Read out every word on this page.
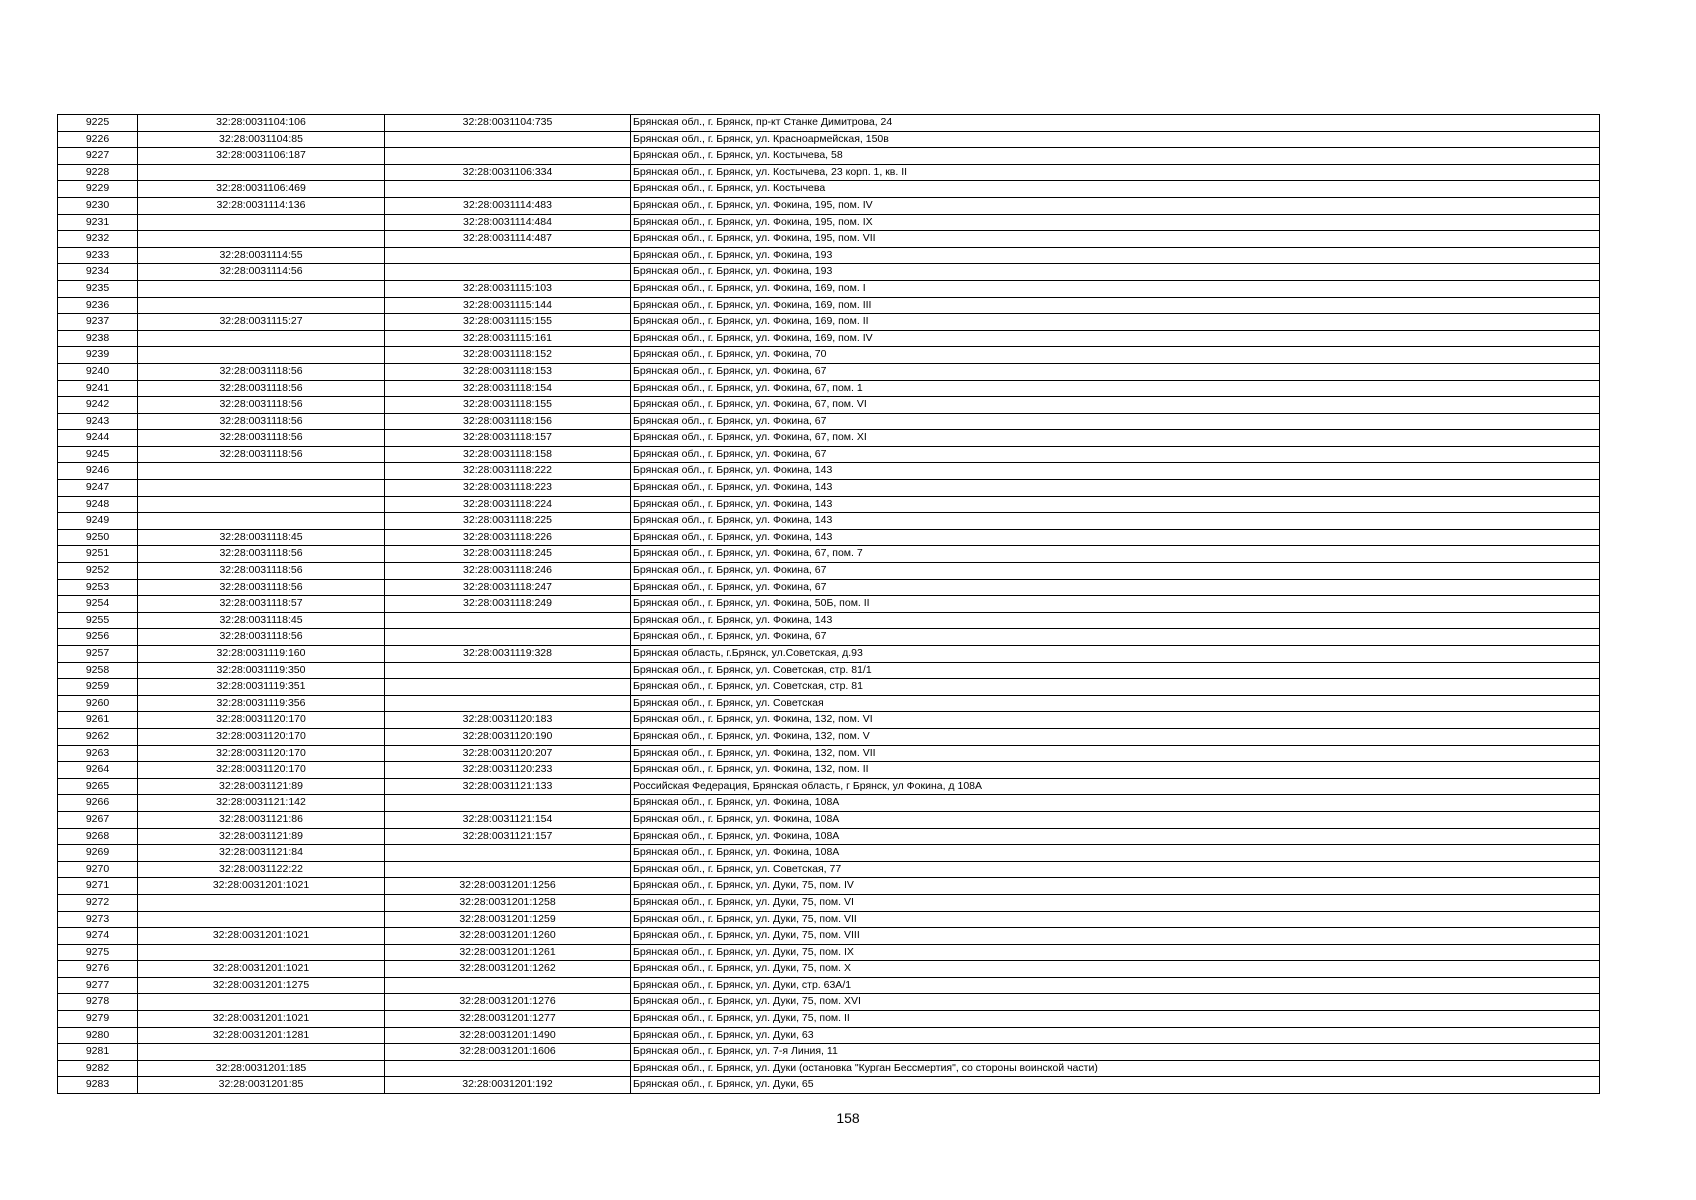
9225	32:28:0031104:106	32:28:0031104:735	Брянская обл., г. Брянск, пр-кт Станке Димитрова, 24
9226	32:28:0031104:85		Брянская обл., г. Брянск, ул. Красноармейская, 150в
9227	32:28:0031106:187		Брянская обл., г. Брянск, ул. Костычева, 58
9228		32:28:0031106:334	Брянская обл., г. Брянск, ул. Костычева, 23 корп. 1, кв. II
9229	32:28:0031106:469		Брянская обл., г. Брянск, ул. Костычева
9230	32:28:0031114:136	32:28:0031114:483	Брянская обл., г. Брянск, ул. Фокина, 195, пом. IV
9231		32:28:0031114:484	Брянская обл., г. Брянск, ул. Фокина, 195, пом. IX
9232		32:28:0031114:487	Брянская обл., г. Брянск, ул. Фокина, 195, пом. VII
9233	32:28:0031114:55		Брянская обл., г. Брянск, ул. Фокина, 193
9234	32:28:0031114:56		Брянская обл., г. Брянск, ул. Фокина, 193
9235		32:28:0031115:103	Брянская обл., г. Брянск, ул. Фокина, 169, пом. I
9236		32:28:0031115:144	Брянская обл., г. Брянск, ул. Фокина, 169, пом. III
9237	32:28:0031115:27	32:28:0031115:155	Брянская обл., г. Брянск, ул. Фокина, 169, пом. II
9238		32:28:0031115:161	Брянская обл., г. Брянск, ул. Фокина, 169, пом. IV
9239		32:28:0031118:152	Брянская обл., г. Брянск, ул. Фокина, 70
9240	32:28:0031118:56	32:28:0031118:153	Брянская обл., г. Брянск, ул. Фокина, 67
9241	32:28:0031118:56	32:28:0031118:154	Брянская обл., г. Брянск, ул. Фокина, 67, пом. 1
9242	32:28:0031118:56	32:28:0031118:155	Брянская обл., г. Брянск, ул. Фокина, 67, пом. VI
9243	32:28:0031118:56	32:28:0031118:156	Брянская обл., г. Брянск, ул. Фокина, 67
9244	32:28:0031118:56	32:28:0031118:157	Брянская обл., г. Брянск, ул. Фокина, 67, пом. XI
9245	32:28:0031118:56	32:28:0031118:158	Брянская обл., г. Брянск, ул. Фокина, 67
9246		32:28:0031118:222	Брянская обл., г. Брянск, ул. Фокина, 143
9247		32:28:0031118:223	Брянская обл., г. Брянск, ул. Фокина, 143
9248		32:28:0031118:224	Брянская обл., г. Брянск, ул. Фокина, 143
9249		32:28:0031118:225	Брянская обл., г. Брянск, ул. Фокина, 143
9250	32:28:0031118:45	32:28:0031118:226	Брянская обл., г. Брянск, ул. Фокина, 143
9251	32:28:0031118:56	32:28:0031118:245	Брянская обл., г. Брянск, ул. Фокина, 67, пом. 7
9252	32:28:0031118:56	32:28:0031118:246	Брянская обл., г. Брянск, ул. Фокина, 67
9253	32:28:0031118:56	32:28:0031118:247	Брянская обл., г. Брянск, ул. Фокина, 67
9254	32:28:0031118:57	32:28:0031118:249	Брянская обл., г. Брянск, ул. Фокина, 50Б, пом. II
9255	32:28:0031118:45		Брянская обл., г. Брянск, ул. Фокина, 143
9256	32:28:0031118:56		Брянская обл., г. Брянск, ул. Фокина, 67
9257	32:28:0031119:160	32:28:0031119:328	Брянская область, г.Брянск, ул.Советская, д.93
9258	32:28:0031119:350		Брянская обл., г. Брянск, ул. Советская, стр. 81/1
9259	32:28:0031119:351		Брянская обл., г. Брянск, ул. Советская, стр. 81
9260	32:28:0031119:356		Брянская обл., г. Брянск, ул. Советская
9261	32:28:0031120:170	32:28:0031120:183	Брянская обл., г. Брянск, ул. Фокина, 132, пом. VI
9262	32:28:0031120:170	32:28:0031120:190	Брянская обл., г. Брянск, ул. Фокина, 132, пом. V
9263	32:28:0031120:170	32:28:0031120:207	Брянская обл., г. Брянск, ул. Фокина, 132, пом. VII
9264	32:28:0031120:170	32:28:0031120:233	Брянская обл., г. Брянск, ул. Фокина, 132, пом. II
9265	32:28:0031121:89	32:28:0031121:133	Российская Федерация, Брянская область, г Брянск, ул Фокина, д 108А
9266	32:28:0031121:142		Брянская обл., г. Брянск, ул. Фокина, 108А
9267	32:28:0031121:86	32:28:0031121:154	Брянская обл., г. Брянск, ул. Фокина, 108А
9268	32:28:0031121:89	32:28:0031121:157	Брянская обл., г. Брянск, ул. Фокина, 108А
9269	32:28:0031121:84		Брянская обл., г. Брянск, ул. Фокина, 108А
9270	32:28:0031122:22		Брянская обл., г. Брянск, ул. Советская, 77
9271	32:28:0031201:1021	32:28:0031201:1256	Брянская обл., г. Брянск, ул. Дуки, 75, пом. IV
9272		32:28:0031201:1258	Брянская обл., г. Брянск, ул. Дуки, 75, пом. VI
9273		32:28:0031201:1259	Брянская обл., г. Брянск, ул. Дуки, 75, пом. VII
9274	32:28:0031201:1021	32:28:0031201:1260	Брянская обл., г. Брянск, ул. Дуки, 75, пом. VIII
9275		32:28:0031201:1261	Брянская обл., г. Брянск, ул. Дуки, 75, пом. IX
9276	32:28:0031201:1021	32:28:0031201:1262	Брянская обл., г. Брянск, ул. Дуки, 75, пом. X
9277	32:28:0031201:1275		Брянская обл., г. Брянск, ул. Дуки, стр. 63А/1
9278		32:28:0031201:1276	Брянская обл., г. Брянск, ул. Дуки, 75, пом. XVI
9279	32:28:0031201:1021	32:28:0031201:1277	Брянская обл., г. Брянск, ул. Дуки, 75, пом. II
9280	32:28:0031201:1281	32:28:0031201:1490	Брянская обл., г. Брянск, ул. Дуки, 63
9281		32:28:0031201:1606	Брянская обл., г. Брянск, ул. 7-я Линия, 11
9282	32:28:0031201:185		Брянская обл., г. Брянск, ул. Дуки (остановка "Курган Бессмертия", со стороны воинской части)
9283	32:28:0031201:85	32:28:0031201:192	Брянская обл., г. Брянск, ул. Дуки, 65
158
